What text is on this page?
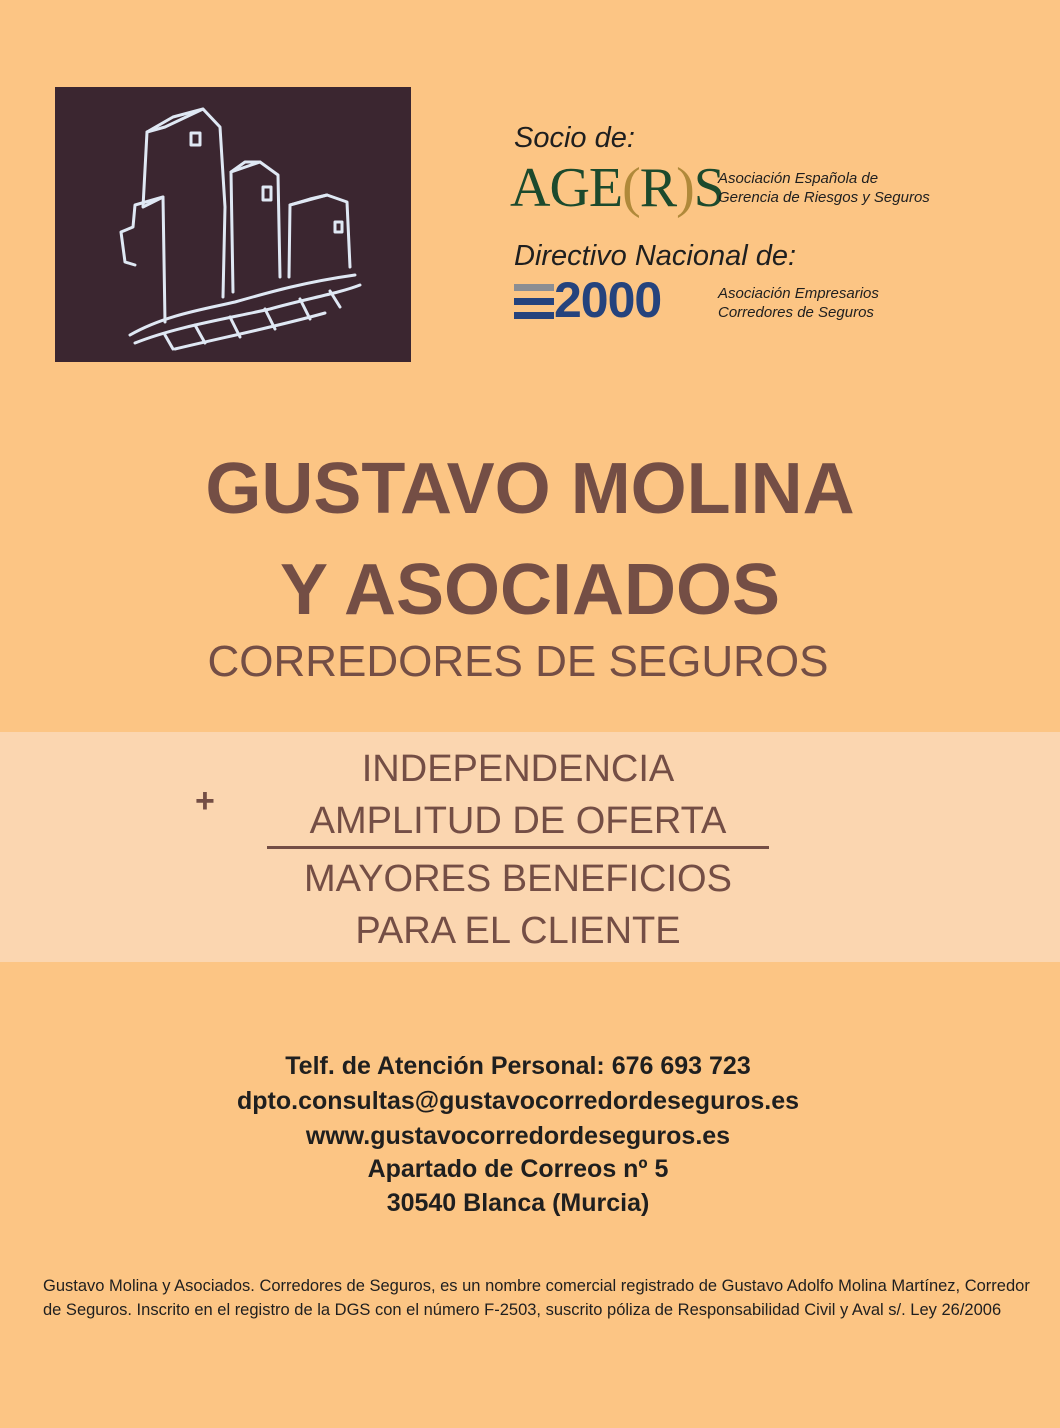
Socio de:
AGE(R)S
Asociación Española de
Gerencia de Riesgos y Seguros
Directivo Nacional de:
2000	Asociación Empresarios
Corredores de Seguros
GUSTAVO MOLINA
Y ASOCIADOS
CORREDORES DE SEGUROS
INDEPENDENCIA
+	AMPLITUD DE OFERTA
MAYORES BENEFICIOS
PARA EL CLIENTE
Telf. de Atención Personal: 676 693 723
dpto.consultas@gustavocorredordeseguros.es
www.gustavocorredordeseguros.es
Apartado de Correos nº 5
30540 Blanca (Murcia)
Gustavo Molina y Asociados. Corredores de Seguros, es un nombre comercial registrado de Gustavo Adolfo Molina Martínez, Corredor de Seguros. Inscrito en el registro de la DGS con el número F-2503, suscrito póliza de Responsabilidad Civil y Aval s/. Ley 26/2006
